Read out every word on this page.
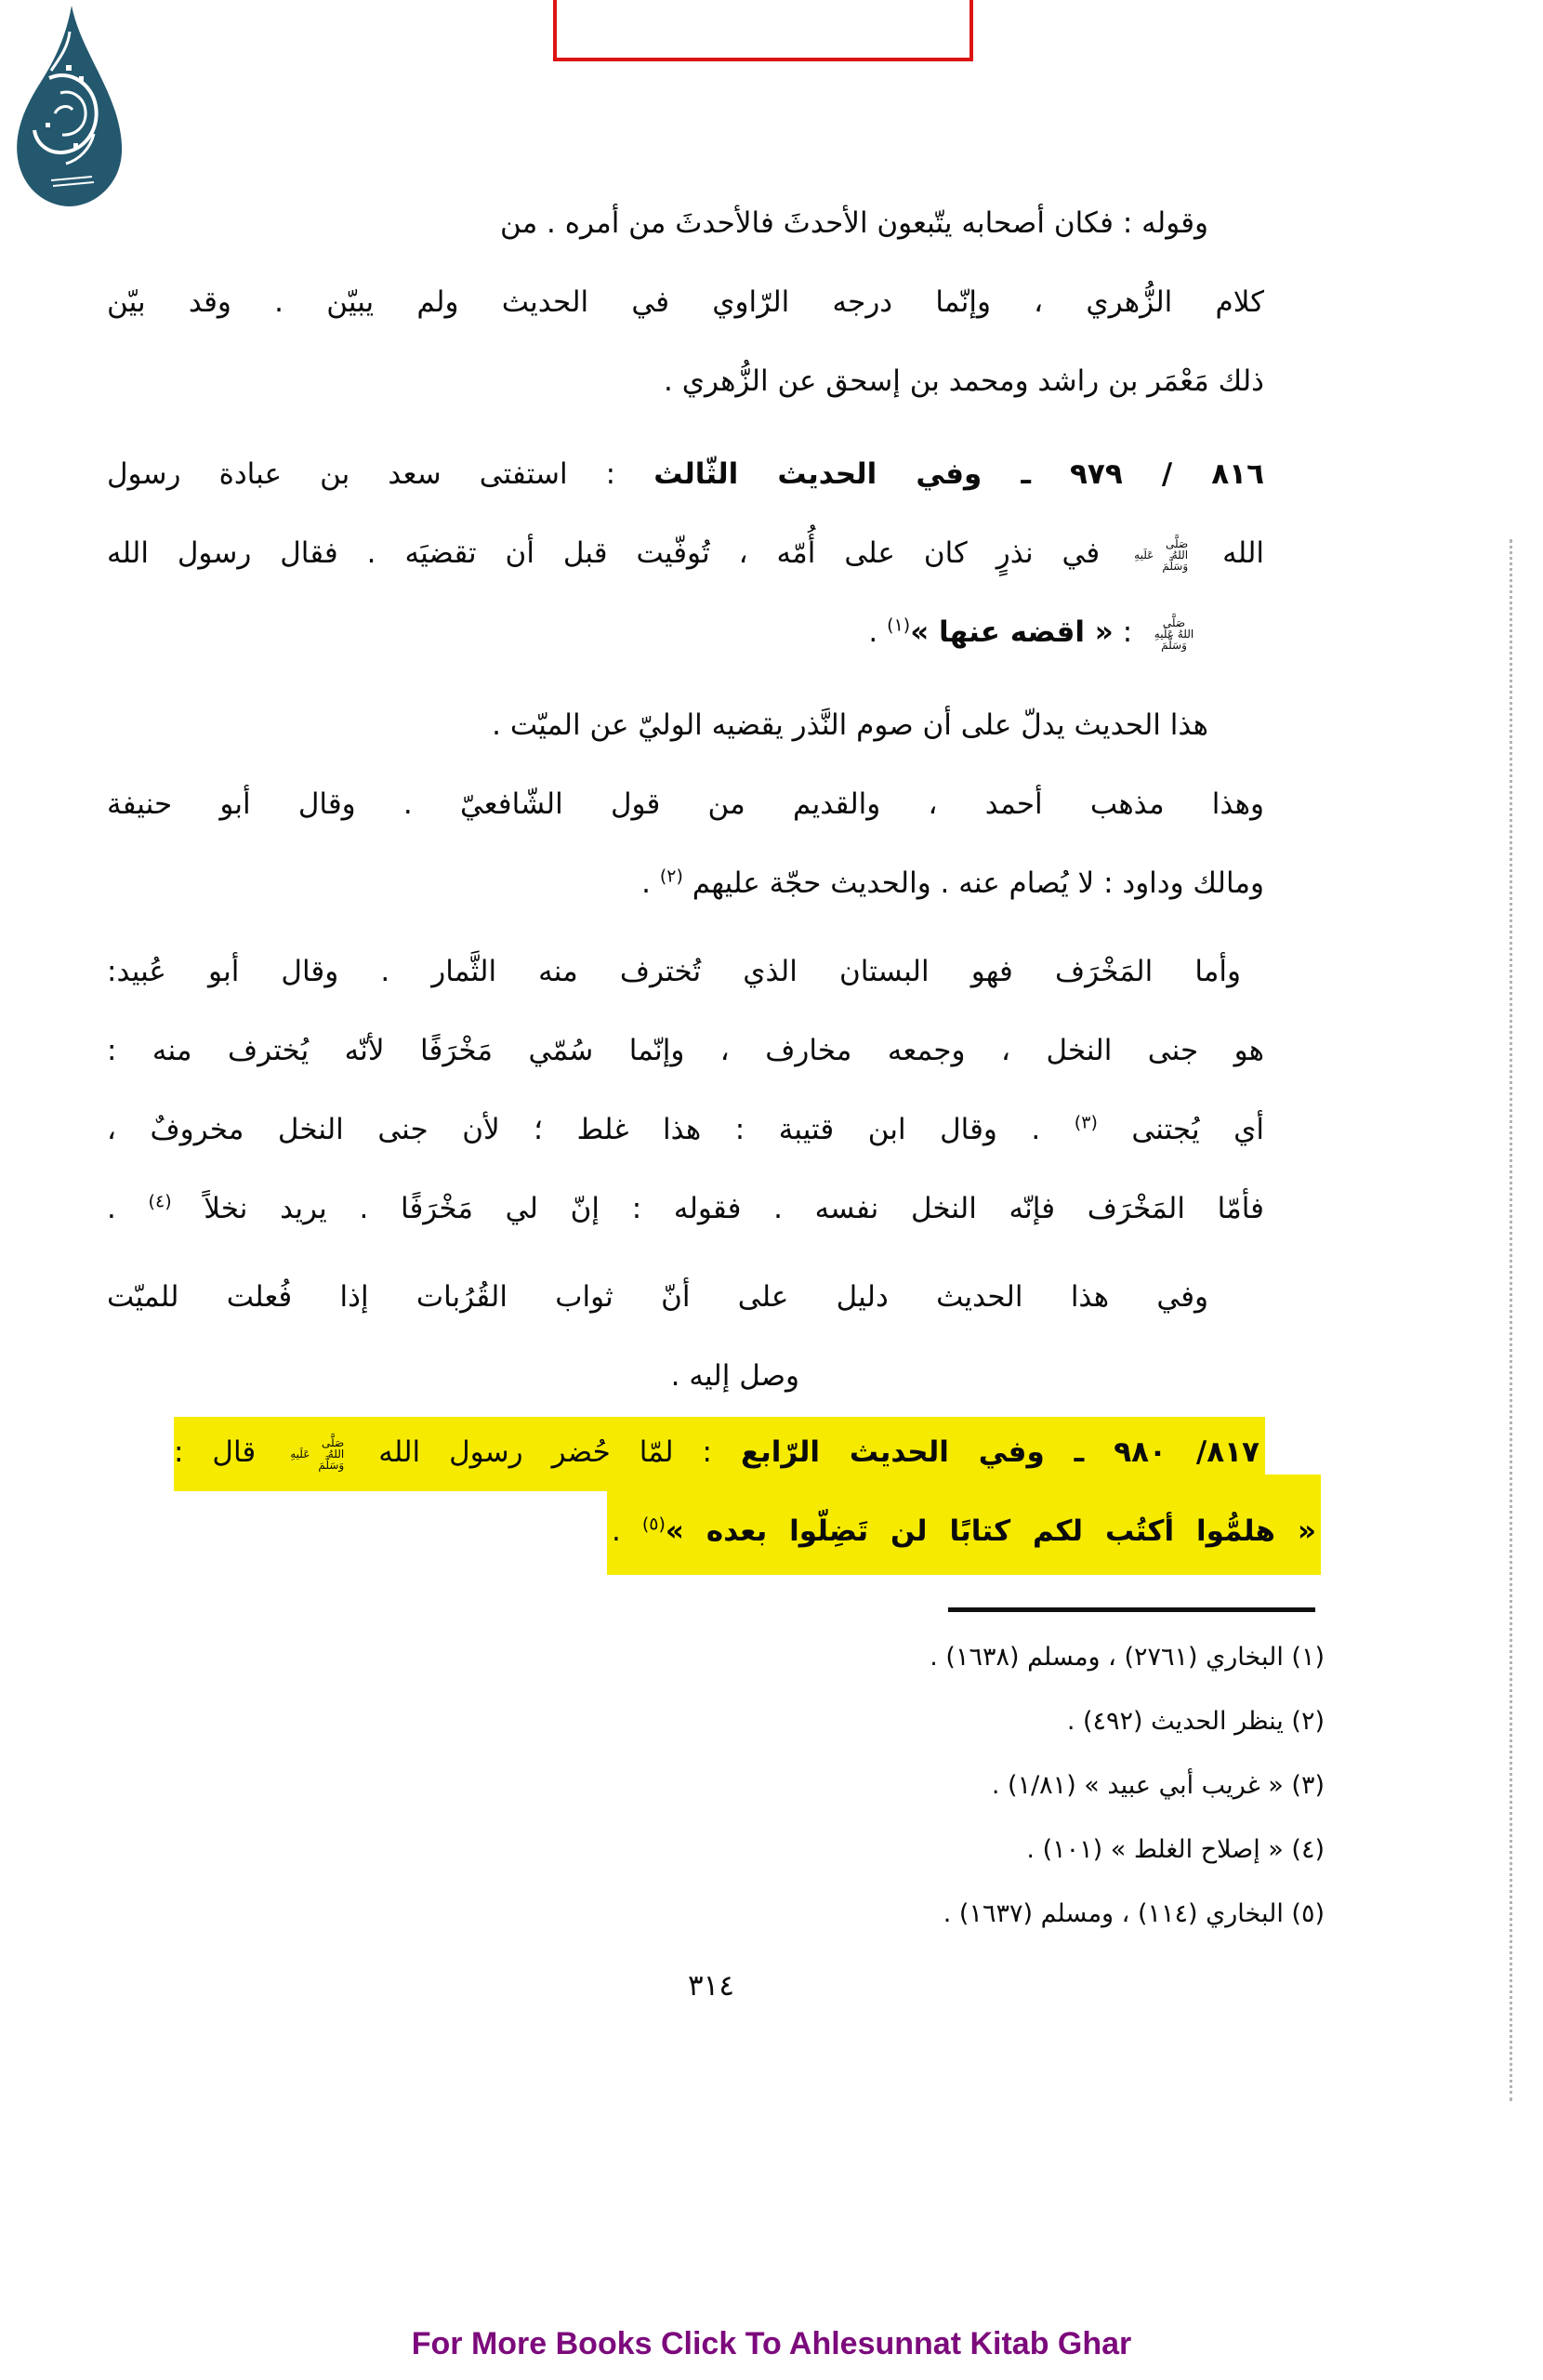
وقوله : فكان أصحابه يتّبعون الأحدثَ فالأحدثَ من أمره . من
كلام الزُّهري ، وإنّما درجه الرّاوي في الحديث ولم يبيّن . وقد بيّن
ذلك مَعْمَر بن راشد ومحمد بن إسحق عن الزُّهري .
٨١٦ / ٩٧٩ ـ وفي الحديث الثّالث : استفتى سعد بن عبادة رسول
الله
صَلَّى
اللهُ عَلَيهِ
وَسَلَّمَ
في نذرٍ كان على أُمّه ، تُوفّيت قبل أن تقضيَه . فقال رسول الله
صَلَّى
اللهُ عَلَيهِ
وَسَلَّمَ
: « اقضه عنها »$^{(١)}$ .
هذا الحديث يدلّ على أن صوم النَّذر يقضيه الوليّ عن الميّت .
وهذا مذهب أحمد ، والقديم من قول الشّافعيّ . وقال أبو حنيفة
ومالك وداود : لا يُصام عنه . والحديث حجّة عليهم $^{(٢)}$ .
وأما المَخْرَف فهو البستان الذي تُخترف منه الثَّمار . وقال أبو عُبيد:
هو جنى النخل ، وجمعه مخارف ، وإنّما سُمّي مَخْرَفًا لأنّه يُخترف منه :
أي يُجتنى $^{(٣)}$ . وقال ابن قتيبة : هذا غلط ؛ لأن جنى النخل مخروفٌ ،
فأمّا المَخْرَف فإنّه النخل نفسه . فقوله : إنّ لي مَخْرَفًا . يريد نخلاً $^{(٤)}$ .
وفي هذا الحديث دليل على أنّ ثواب القُرُبات إذا فُعلت للميّت
وصل إليه .
٨١٧/ ٩٨٠ ـ وفي الحديث الرّابع : لمّا حُضر رسول الله
صَلَّى
اللهُ عَلَيهِ
وَسَلَّمَ
قال :
« هلمُّوا أكتُب لكم كتابًا لن تَضِلّوا بعده »$^{(٥)}$ .
(١) البخاري (٢٧٦١) ، ومسلم (١٦٣٨) .
(٢) ينظر الحديث (٤٩٢) .
(٣) « غريب أبي عبيد » (١/٨١) .
(٤) « إصلاح الغلط » (١٠١) .
(٥) البخاري (١١٤) ، ومسلم (١٦٣٧) .
٣١٤
For More Books Click To Ahlesunnat Kitab Ghar
